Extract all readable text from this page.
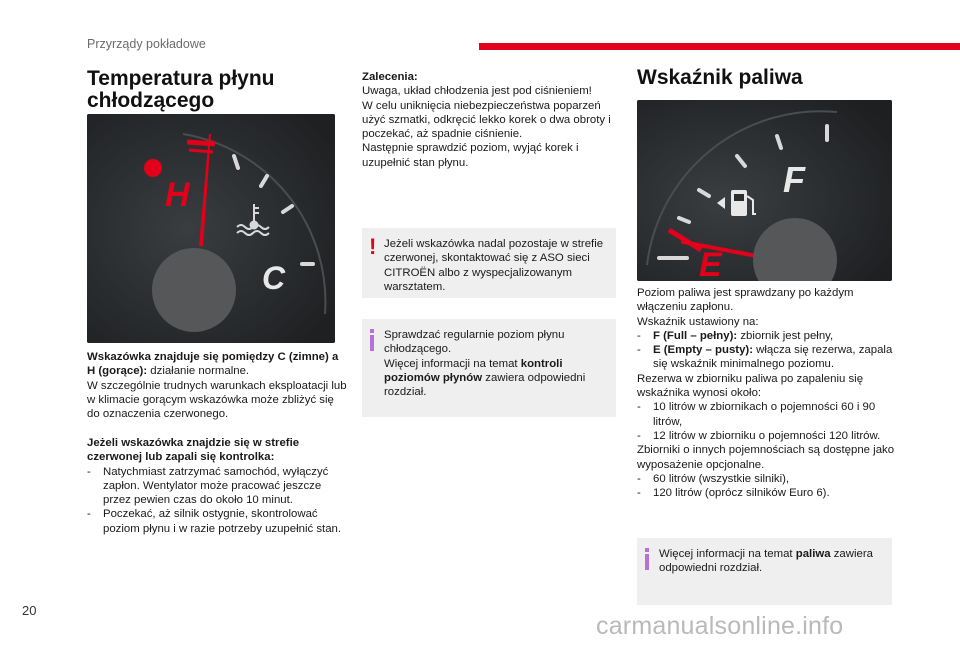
Przyrządy pokładowe
Temperatura płynu chłodzącego
H
C

Wskazówka znajduje się pomiędzy C (zimne) a H (gorące): działanie normalne.

W szczególnie trudnych warunkach eksploatacji lub w klimacie gorącym wskazówka może zbliżyć się do oznaczenia czerwonego.

Jeżeli wskazówka znajdzie się w strefie czerwonej lub zapali się kontrolka:

- Natychmiast zatrzymać samochód, wyłączyć zapłon. Wentylator może pracować jeszcze przez pewien czas do około 10 minut.

- Poczekać, aż silnik ostygnie, skontrolować poziom płynu i w razie potrzeby uzupełnić stan.

Zalecenia:

Uwaga, układ chłodzenia jest pod ciśnieniem!

W celu uniknięcia niebezpieczeństwa poparzeń użyć szmatki, odkręcić lekko korek o dwa obroty i poczekać, aż spadnie ciśnienie.

Następnie sprawdzić poziom, wyjąć korek i uzupełnić stan płynu.

! Jeżeli wskazówka nadal pozostaje w strefie czerwonej, skontaktować się z ASO sieci CITROËN albo z wyspecjalizowanym warsztatem.

Sprawdzać regularnie poziom płynu chłodzącego.

Więcej informacji na temat kontroli poziomów płynów zawiera odpowiedni rozdział.

Wskaźnik paliwa
F
E

Poziom paliwa jest sprawdzany po każdym włączeniu zapłonu.

Wskaźnik ustawiony na:

- F (Full – pełny): zbiornik jest pełny,

- E (Empty – pusty): włącza się rezerwa, zapala się wskaźnik minimalnego poziomu.

Rezerwa w zbiorniku paliwa po zapaleniu się wskaźnika wynosi około:

- 10 litrów w zbiornikach o pojemności 60 i 90 litrów,

- 12 litrów w zbiorniku o pojemności 120 litrów.

Zbiorniki o innych pojemnościach są dostępne jako wyposażenie opcjonalne.

- 60 litrów (wszystkie silniki),

- 120 litrów (oprócz silników Euro 6).

Więcej informacji na temat paliwa zawiera odpowiedni rozdział.

20
carmanualsonline.info
